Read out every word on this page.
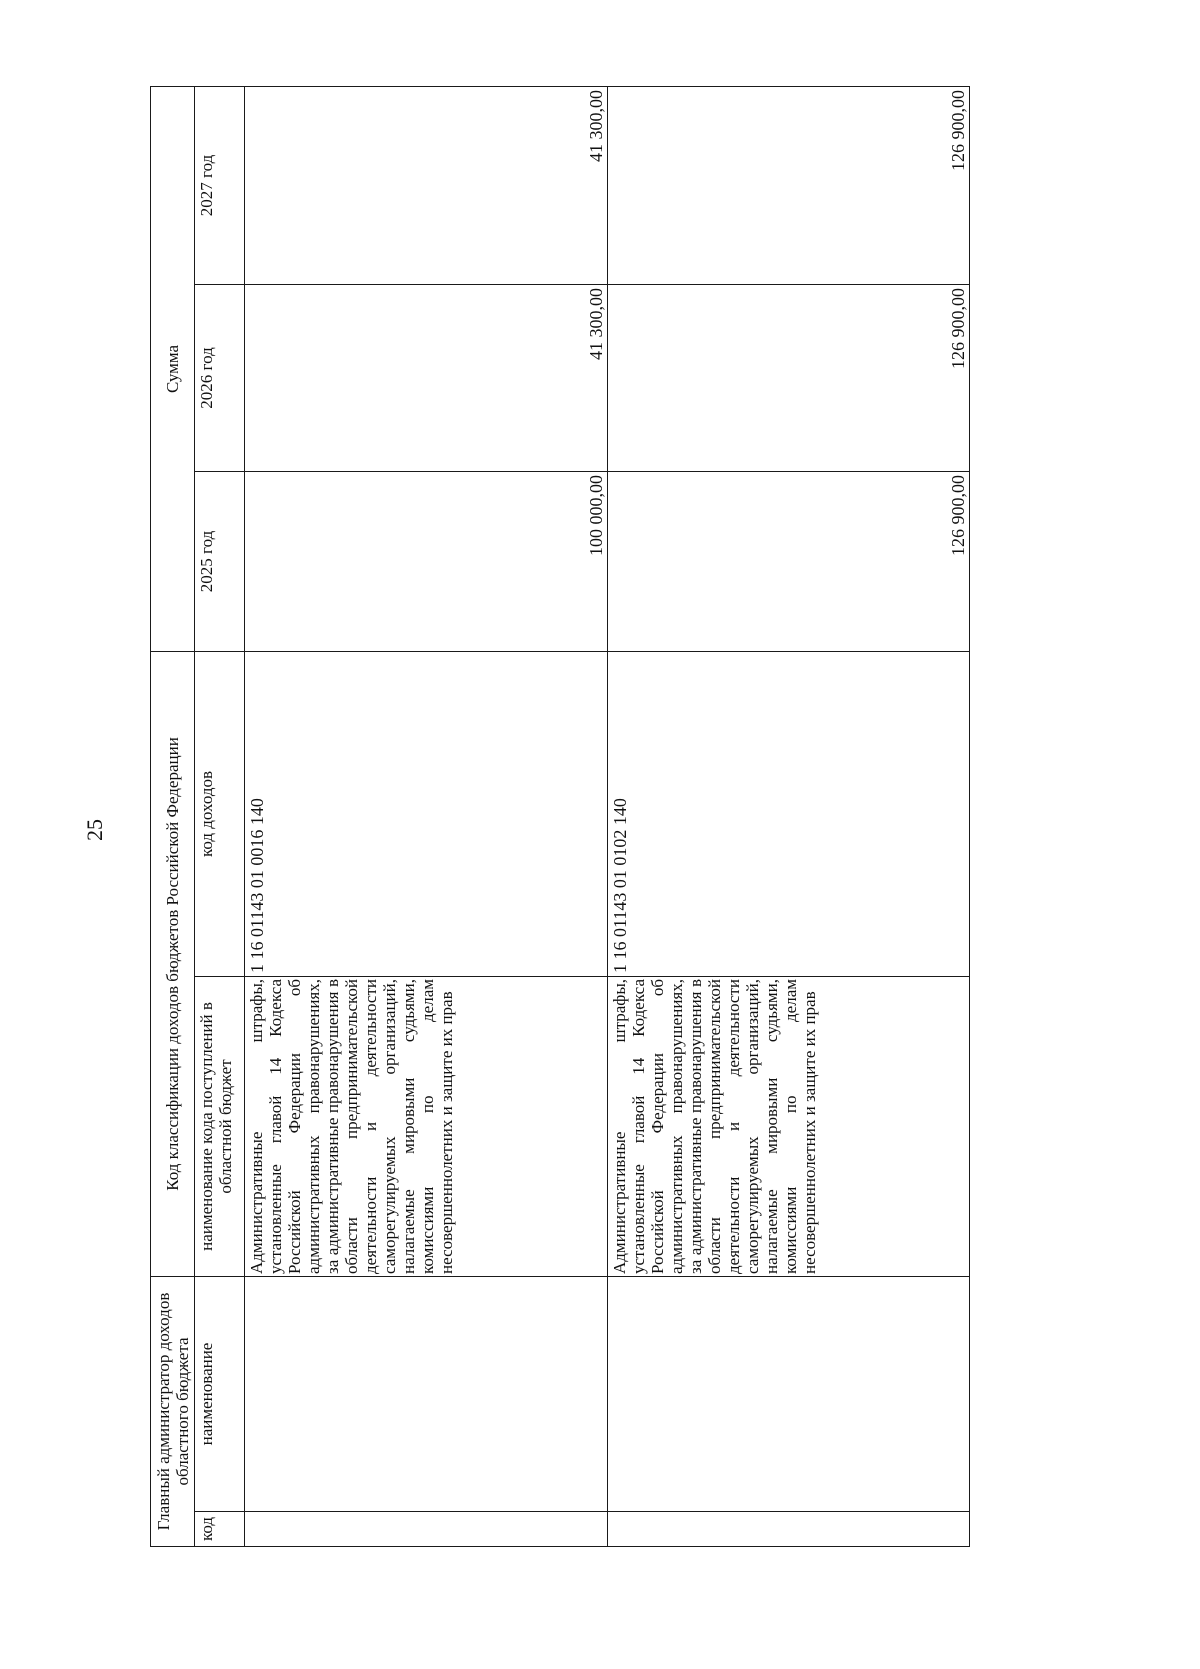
25
Главный администратор доходов областного бюджета		Код классификации доходов бюджетов Российской Федерации		Сумма		
код	наименование	наименование кода поступлений в областной бюджет	код доходов	2025 год	2026 год	2027 год
		Административные штрафы, установленные главой 14 Кодекса Российской Федерации об административных правонарушениях, за административные правонарушения в области предпринимательской деятельности и деятельности саморегулируемых организаций, налагаемые мировыми судьями, комиссиями по делам несовершеннолетних и защите их прав	1 16 01143 01 0016 140	100 000,00	41 300,00	41 300,00
		Административные штрафы, установленные главой 14 Кодекса Российской Федерации об административных правонарушениях, за административные правонарушения в области предпринимательской деятельности и деятельности саморегулируемых организаций, налагаемые мировыми судьями, комиссиями по делам несовершеннолетних и защите их прав	1 16 01143 01 0102 140	126 900,00	126 900,00	126 900,00
